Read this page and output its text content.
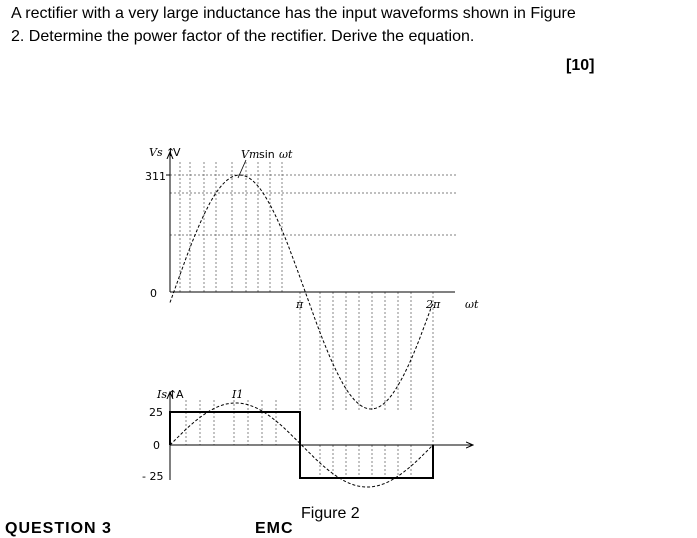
A rectifier with a very large inductance has the input waveforms shown in Figure
2. Determine the power factor of the rectifier. Derive the equation.
[10]
Vs ↑
V	Vm sin ωt
311
0
π	2π ωt
Is ↑
A	I1
25
0
- 25
Figure 2
QUESTION 3	EMC
